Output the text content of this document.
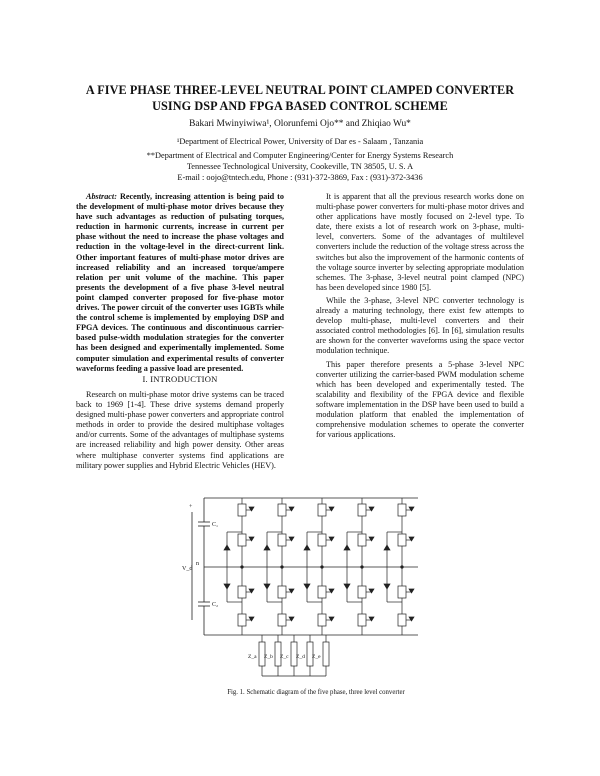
A FIVE PHASE THREE-LEVEL NEUTRAL POINT CLAMPED CONVERTER
USING DSP AND FPGA BASED CONTROL SCHEME
Bakari Mwinyiwiwa¹, Olorunfemi Ojo** and Zhiqiao Wu*
¹Department of Electrical Power, University of Dar es - Salaam , Tanzania
**Department of Electrical and Computer Engineering/Center for Energy Systems Research
Tennessee Technological University, Cookeville, TN 38505, U. S. A
E-mail : oojo@tntech.edu, Phone : (931)-372-3869, Fax : (931)-372-3436

Abstract: Recently, increasing attention is being paid to the development of multi-phase motor drives because they have such advantages as reduction of pulsating torques, reduction in harmonic currents, increase in current per phase without the need to increase the phase voltages and reduction in the voltage-level in the direct-current link. Other important features of multi-phase motor drives are increased reliability and an increased torque/ampere relation per unit volume of the machine. This paper presents the development of a five phase 3-level neutral point clamped converter proposed for five-phase motor drives. The power circuit of the converter uses IGBTs while the control scheme is implemented by employing DSP and FPGA devices. The continuous and discontinuous carrier-based pulse-width modulation strategies for the converter has been designed and experimentally implemented. Some computer simulation and experimental results of converter waveforms feeding a passive load are presented.

I. INTRODUCTION

Research on multi-phase motor drive systems can be traced back to 1969 [1-4]. These drive systems demand properly designed multi-phase power converters and appropriate control methods in order to provide the desired multiphase voltages and/or currents. Some of the advantages of multiphase systems are increased reliability and high power density. Other areas where multiphase converter systems find applications are military power supplies and Hybrid Electric Vehicles (HEV).

It is apparent that all the previous research works done on multi-phase power converters for multi-phase motor drives and other applications have mostly focused on 2-level type. To date, there exists a lot of research work on 3-phase, multi-level, converters. Some of the advantages of multilevel converters include the reduction of the voltage stress across the switches but also the improvement of the harmonic contents of the voltage source inverter by selecting appropriate modulation schemes. The 3-phase, 3-level neutral point clamped (NPC) has been developed since 1980 [5].

While the 3-phase, 3-level NPC converter technology is already a maturing technology, there exist few attempts to develop multi-phase, multi-level converters and their associated control methodologies [6]. In [6], simulation results are shown for the converter waveforms using the space vector modulation technique.

This paper therefore presents a 5-phase 3-level NPC converter utilizing the carrier-based PWM modulation scheme which has been developed and experimentally tested. The scalability and flexibility of the FPGA device and flexible software implementation in the DSP have been used to build a modulation platform that enabled the implementation of comprehensive modulation schemes to operate the converter for various applications.

+
C₁
V_d
n
C₂
Z_a Z_b Z_c Z_d Z_e
Fig. 1. Schematic diagram of the five phase, three level converter
